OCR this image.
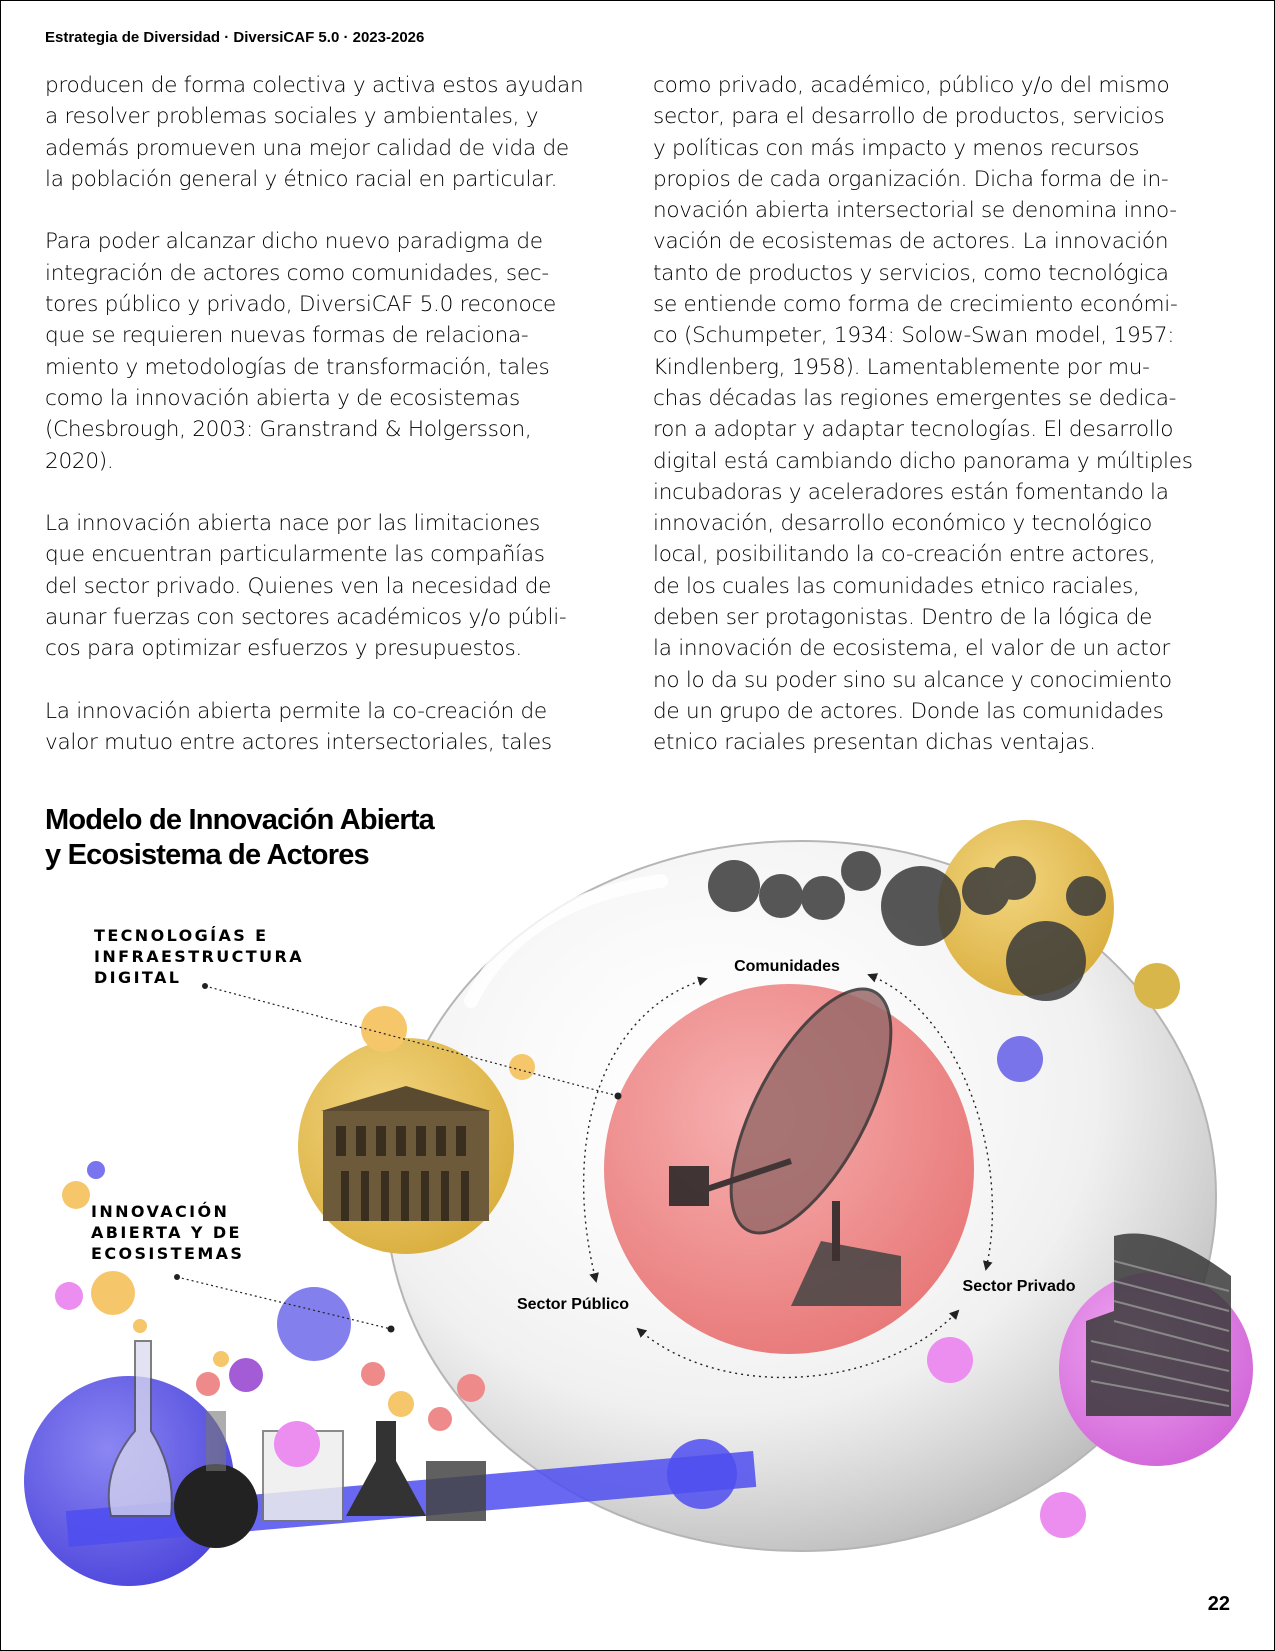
Estrategia de Diversidad · DiversiCAF 5.0 · 2023-2026

producen de forma colectiva y activa estos ayudan
a resolver problemas sociales y ambientales, y
además promueven una mejor calidad de vida de
la población general y étnico racial en particular.

Para poder alcanzar dicho nuevo paradigma de
integración de actores como comunidades, sec-
tores público y privado, DiversiCAF 5.0 reconoce
que se requieren nuevas formas de relaciona-
miento y metodologías de transformación, tales
como la innovación abierta y de ecosistemas
(Chesbrough, 2003: Granstrand & Holgersson,
2020).

La innovación abierta nace por las limitaciones
que encuentran particularmente las compañías
del sector privado. Quienes ven la necesidad de
aunar fuerzas con sectores académicos y/o públi-
cos para optimizar esfuerzos y presupuestos.

La innovación abierta permite la co-creación de
valor mutuo entre actores intersectoriales, tales

como privado, académico, público y/o del mismo
sector, para el desarrollo de productos, servicios
y políticas con más impacto y menos recursos
propios de cada organización. Dicha forma de in-
novación abierta intersectorial se denomina inno-
vación de ecosistemas de actores. La innovación
tanto de productos y servicios, como tecnológica
se entiende como forma de crecimiento económi-
co (Schumpeter, 1934: Solow-Swan model, 1957:
Kindlenberg, 1958). Lamentablemente por mu-
chas décadas las regiones emergentes se dedica-
ron a adoptar y adaptar tecnologías. El desarrollo
digital está cambiando dicho panorama y múltiples
incubadoras y aceleradores están fomentando la
innovación, desarrollo económico y tecnológico
local, posibilitando la co-creación entre actores,
de los cuales las comunidades etnico raciales,
deben ser protagonistas. Dentro de la lógica de
la innovación de ecosistema, el valor de un actor
no lo da su poder sino su alcance y conocimiento
de un grupo de actores. Donde las comunidades
etnico raciales presentan dichas ventajas.

Modelo de Innovación Abierta
y Ecosistema de Actores
TECNOLOGÍAS E
INFRAESTRUCTURA
DIGITAL
INNOVACIÓN
ABIERTA Y DE
ECOSISTEMAS
Comunidades
Sector Público
Sector Privado
22
